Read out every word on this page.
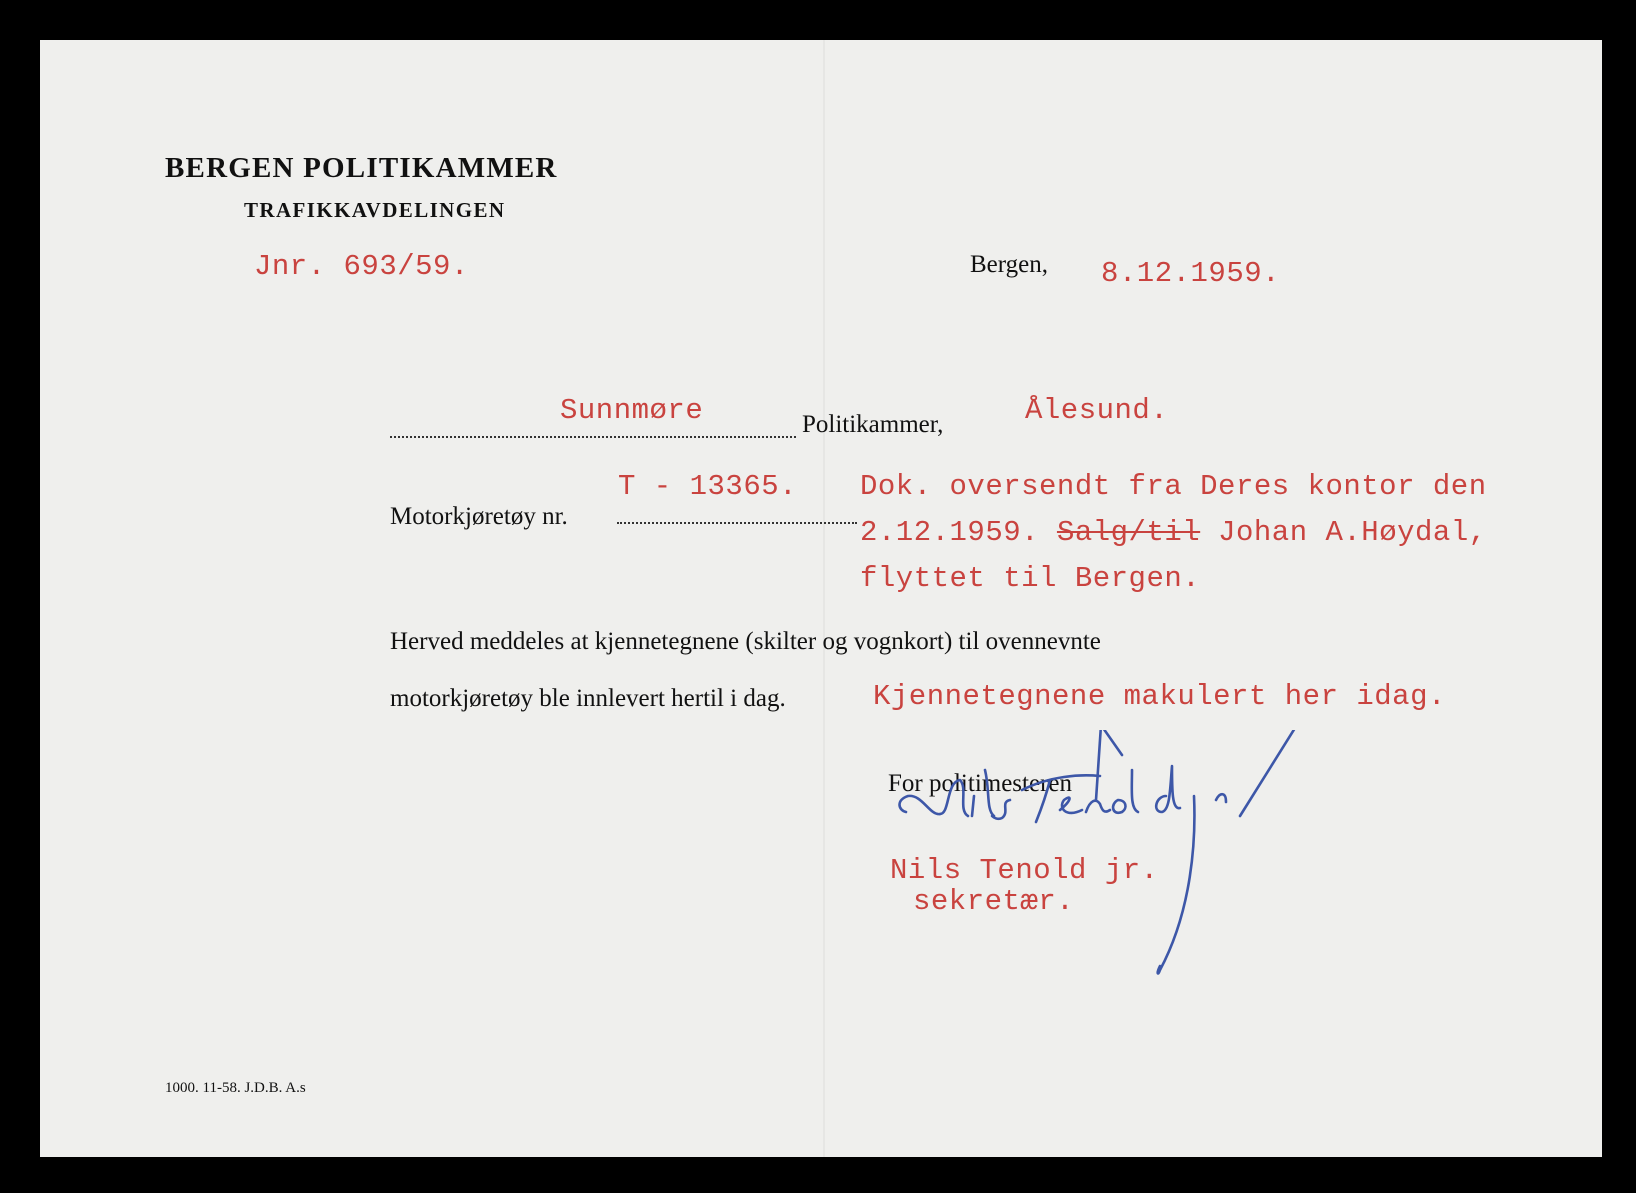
BERGEN POLITIKAMMER
TRAFIKKAVDELINGEN
Jnr. 693/59.	Bergen, 8.12.1959.
Sunnmøre	Politikammer,	Ålesund.
Motorkjøretøy nr.
T - 13365. Dok. oversendt fra Deres kontor den
2.12.1959. Salg/til Johan A.Høydal,
flyttet til Bergen.
Herved meddeles at kjennetegnene (skilter og vognkort) til ovennevnte
motorkjøretøy ble innlevert hertil i dag.	Kjennetegnene makulert her idag.
For politimesteren
Nils Tenold jr.
sekretær.
1000. 11-58. J.D.B. A.s
